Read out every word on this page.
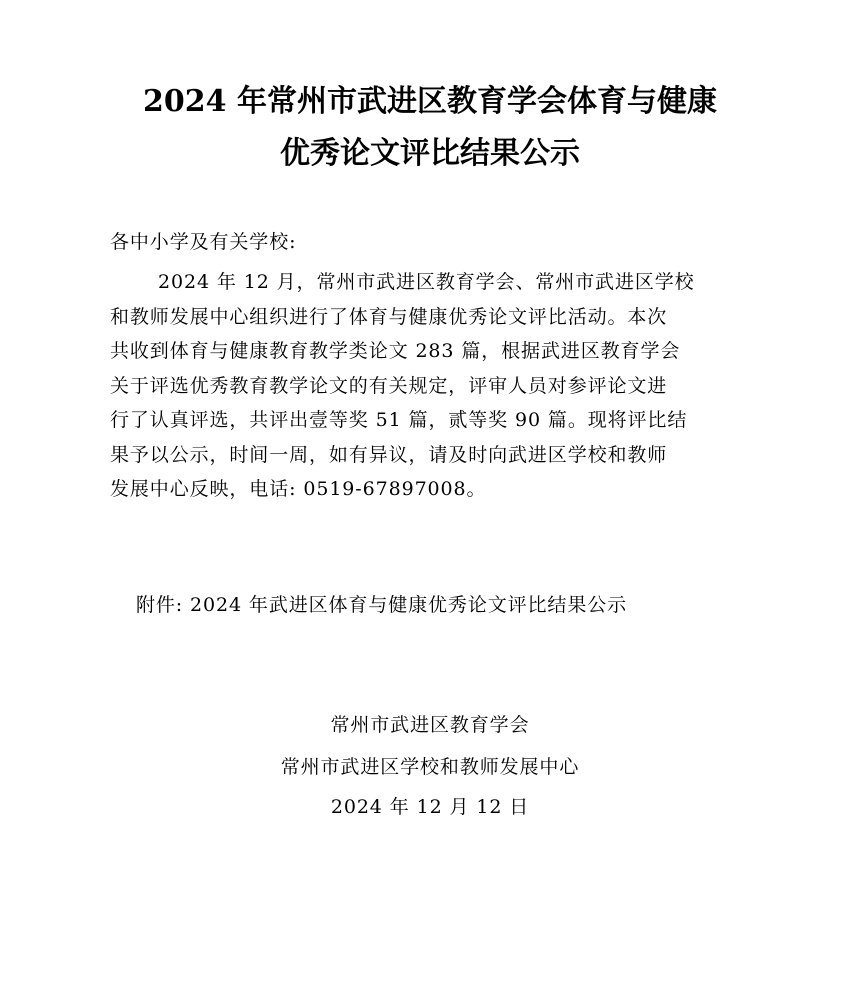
2024 年常州市武进区教育学会体育与健康
优秀论文评比结果公示
各中小学及有关学校:
2024 年 12 月，常州市武进区教育学会、常州市武进区学校
和教师发展中心组织进行了体育与健康优秀论文评比活动。本次
共收到体育与健康教育教学类论文 283 篇，根据武进区教育学会
关于评选优秀教育教学论文的有关规定，评审人员对参评论文进
行了认真评选，共评出壹等奖 51 篇，贰等奖 90 篇。现将评比结
果予以公示，时间一周，如有异议，请及时向武进区学校和教师
发展中心反映，电话: 0519-67897008。
附件: 2024 年武进区体育与健康优秀论文评比结果公示
常州市武进区教育学会
常州市武进区学校和教师发展中心
2024 年 12 月 12 日
